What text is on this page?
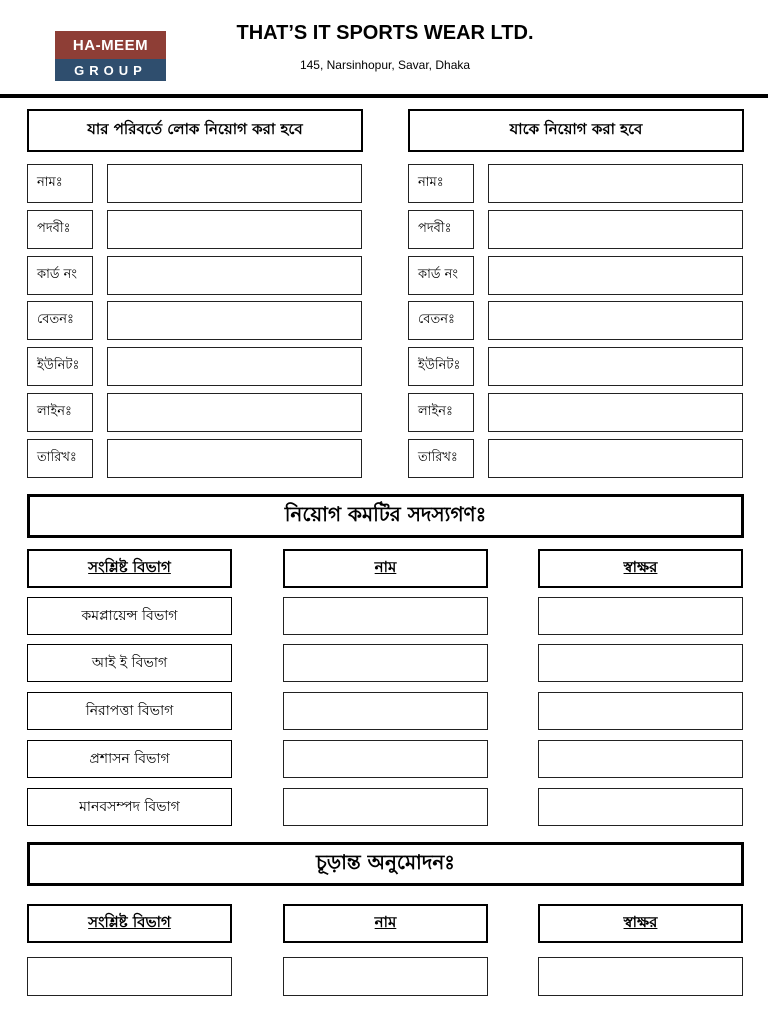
HA-MEEM
GROUP
THAT’S IT SPORTS WEAR LTD.
145, Narsinhopur, Savar, Dhaka
যার পরিবর্তে লোক নিয়োগ করা হবে	যাকে নিয়োগ করা হবে
নামঃ
পদবীঃ
কার্ড নং
বেতনঃ
ইউনিটঃ
লাইনঃ
তারিখঃ
নামঃ
পদবীঃ
কার্ড নং
বেতনঃ
ইউনিটঃ
লাইনঃ
তারিখঃ
নিয়োগ কমটির সদস্যগণঃ
সংশ্লিষ্ট বিভাগ	নাম	স্বাক্ষর
কমপ্লায়েন্স বিভাগ
আই ই বিভাগ
নিরাপত্তা বিভাগ
প্রশাসন বিভাগ
মানবসম্পদ বিভাগ
চূড়ান্ত অনুমোদনঃ
সংশ্লিষ্ট বিভাগ	নাম	স্বাক্ষর
